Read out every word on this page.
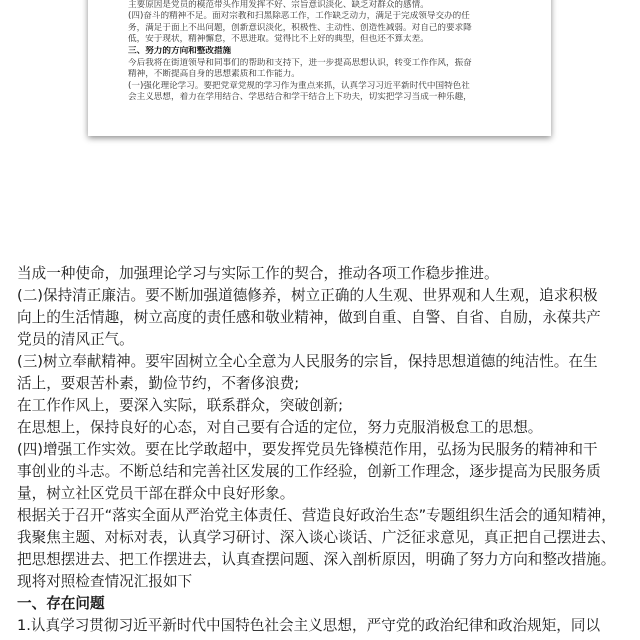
主要原因是党员的模范带头作用发挥不好、宗旨意识淡化、缺乏对群众的感情。
(四)奋斗的精神不足。面对宗教和扫黑除恶工作，工作缺乏动力，满足于完成领导交办的任
务，满足于面上不出问题，创新意识淡化，积极性、主动性、创造性减弱。对自己的要求降
低，安于现状，精神懈怠，不思进取。觉得比不上好的典型，但也还不算太差。
三、努力的方向和整改措施
今后我将在街道领导和同事们的帮助和支持下，进一步提高思想认识，转变工作作风，振奋
精神，不断提高自身的思想素质和工作能力。
(一)强化理论学习。要把党章党规的学习作为重点来抓，认真学习习近平新时代中国特色社
会主义思想，着力在学用结合、学思结合和学干结合上下功夫，切实把学习当成一种乐趣，

当成一种使命，加强理论学习与实际工作的契合，推动各项工作稳步推进。

(二)保持清正廉洁。要不断加强道德修养，树立正确的人生观、世界观和人生观，追求积极

向上的生活情趣，树立高度的责任感和敬业精神，做到自重、自警、自省、自励，永葆共产

党员的清风正气。

(三)树立奉献精神。要牢固树立全心全意为人民服务的宗旨，保持思想道德的纯洁性。在生

活上，要艰苦朴素，勤俭节约，不奢侈浪费;

在工作作风上，要深入实际，联系群众，突破创新;

在思想上，保持良好的心态，对自己要有合适的定位，努力克服消极怠工的思想。

(四)增强工作实效。要在比学敢超中，要发挥党员先锋模范作用，弘扬为民服务的精神和干

事创业的斗志。不断总结和完善社区发展的工作经验，创新工作理念，逐步提高为民服务质

量，树立社区党员干部在群众中良好形象。

根据关于召开“落实全面从严治党主体责任、营造良好政治生态”专题组织生活会的通知精神，

我聚焦主题、对标对表，认真学习研讨、深入谈心谈话、广泛征求意见，真正把自己摆进去、

把思想摆进去、把工作摆进去，认真查摆问题、深入剖析原因，明确了努力方向和整改措施。

现将对照检查情况汇报如下

一、存在问题

1.认真学习贯彻习近平新时代中国特色社会主义思想，严守党的政治纪律和政治规矩，同以
